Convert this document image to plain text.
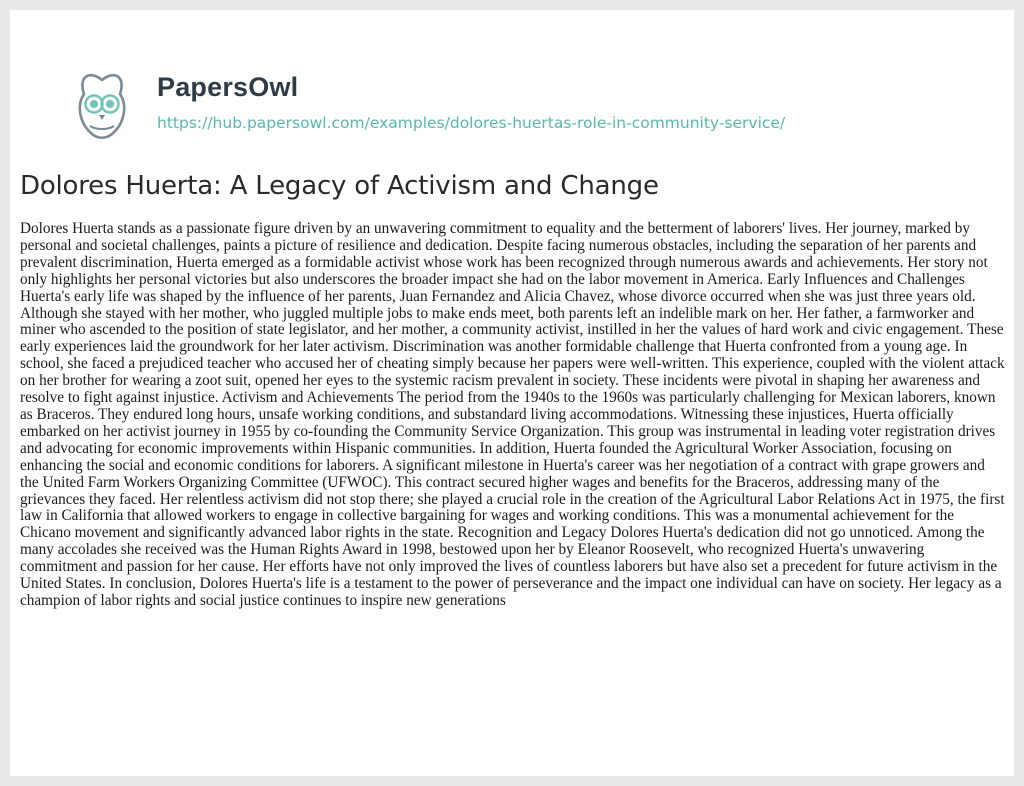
PapersOwl
https://hub.papersowl.com/examples/dolores-huertas-role-in-community-service/
Dolores Huerta: A Legacy of Activism and Change

Dolores Huerta stands as a passionate figure driven by an unwavering commitment to equality and the betterment of laborers' lives. Her journey, marked by personal and societal challenges, paints a picture of resilience and dedication. Despite facing numerous obstacles, including the separation of her parents and prevalent discrimination, Huerta emerged as a formidable activist whose work has been recognized through numerous awards and achievements. Her story not only highlights her personal victories but also underscores the broader impact she had on the labor movement in America. Early Influences and Challenges Huerta's early life was shaped by the influence of her parents, Juan Fernandez and Alicia Chavez, whose divorce occurred when she was just three years old. Although she stayed with her mother, who juggled multiple jobs to make ends meet, both parents left an indelible mark on her. Her father, a farmworker and miner who ascended to the position of state legislator, and her mother, a community activist, instilled in her the values of hard work and civic engagement. These early experiences laid the groundwork for her later activism. Discrimination was another formidable challenge that Huerta confronted from a young age. In school, she faced a prejudiced teacher who accused her of cheating simply because her papers were well-written. This experience, coupled with the violent attack on her brother for wearing a zoot suit, opened her eyes to the systemic racism prevalent in society. These incidents were pivotal in shaping her awareness and resolve to fight against injustice. Activism and Achievements The period from the 1940s to the 1960s was particularly challenging for Mexican laborers, known as Braceros. They endured long hours, unsafe working conditions, and substandard living accommodations. Witnessing these injustices, Huerta officially embarked on her activist journey in 1955 by co-founding the Community Service Organization. This group was instrumental in leading voter registration drives and advocating for economic improvements within Hispanic communities. In addition, Huerta founded the Agricultural Worker Association, focusing on enhancing the social and economic conditions for laborers. A significant milestone in Huerta's career was her negotiation of a contract with grape growers and the United Farm Workers Organizing Committee (UFWOC). This contract secured higher wages and benefits for the Braceros, addressing many of the grievances they faced. Her relentless activism did not stop there; she played a crucial role in the creation of the Agricultural Labor Relations Act in 1975, the first law in California that allowed workers to engage in collective bargaining for wages and working conditions. This was a monumental achievement for the Chicano movement and significantly advanced labor rights in the state. Recognition and Legacy Dolores Huerta's dedication did not go unnoticed. Among the many accolades she received was the Human Rights Award in 1998, bestowed upon her by Eleanor Roosevelt, who recognized Huerta's unwavering commitment and passion for her cause. Her efforts have not only improved the lives of countless laborers but have also set a precedent for future activism in the United States. In conclusion, Dolores Huerta's life is a testament to the power of perseverance and the impact one individual can have on society. Her legacy as a champion of labor rights and social justice continues to inspire new generations
